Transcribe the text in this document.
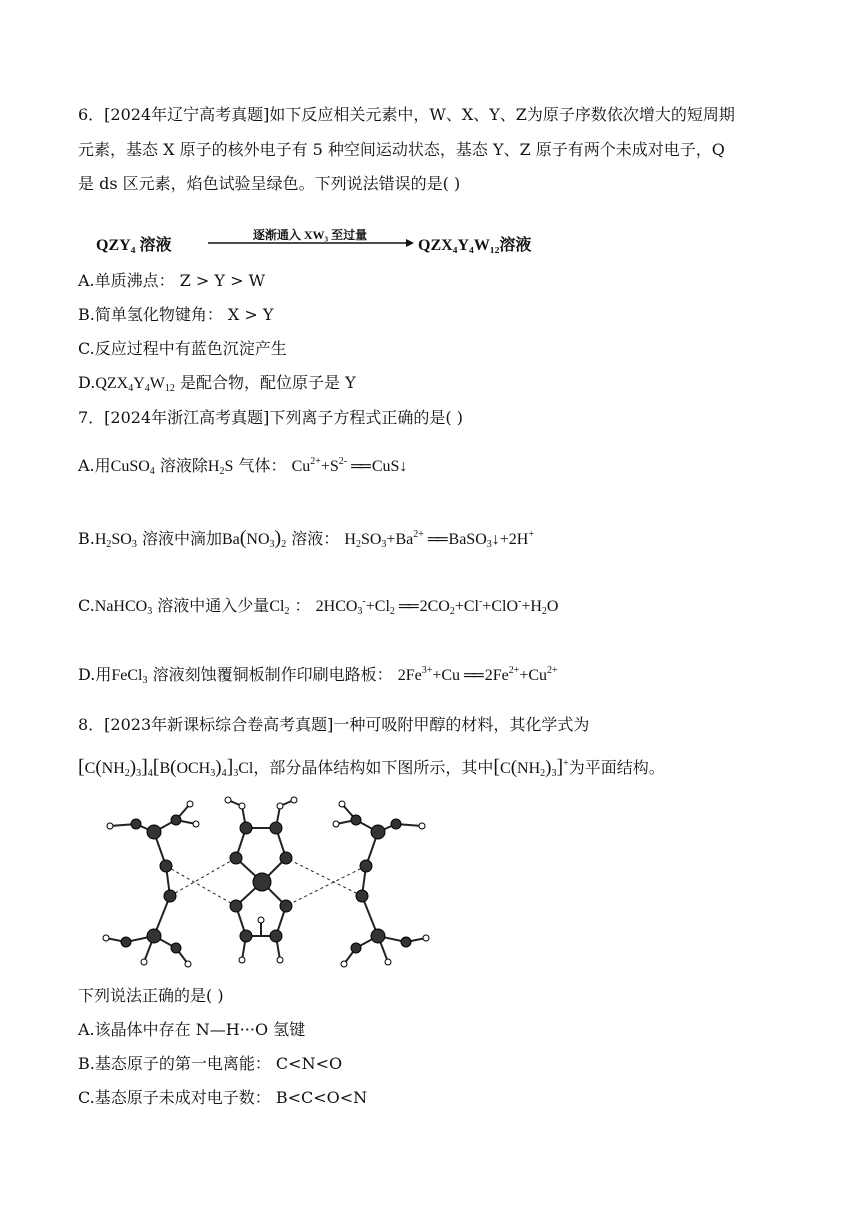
6．[2024年辽宁高考真题]如下反应相关元素中，W、X、Y、Z为原子序数依次增大的短周期
元素，基态 X 原子的核外电子有 5 种空间运动状态，基态 Y、Z 原子有两个未成对电子，Q
是 ds 区元素，焰色试验呈绿色。下列说法错误的是( )
QZY₄ 溶液
逐渐通入 XW₃ 至过量
QZX₄Y₄W₁₂溶液
A.单质沸点： Z > Y > W
B.简单氢化物键角： X > Y
C.反应过程中有蓝色沉淀产生
$D.QZX_4Y_4W_{12}$ 是配合物，配位原子是 Y
7．[2024年浙江高考真题]下列离子方程式正确的是( )
A.用CuSO$_4$ 溶液除$H_2S$ 气体： $Cu^{2+}+S^{2-}$ ══ CuS↓
$B.H_2SO_3$ 溶液中滴加$Ba(NO_3)_2$ 溶液： $H_2SO_3+Ba^{2+}$ ══ BaSO$_3$↓+2H+
C.NaHCO$_3$ 溶液中通入少量$Cl_2$ ： $2HCO_3^-+Cl_2$ ══ $2CO_2+Cl^-+ClO^-+H_2O$
D.用FeCl$_3$ 溶液刻蚀覆铜板制作印刷电路板： $2Fe^{3+}+Cu$ ══ $2Fe^{2+}+Cu^{2+}$
8．[2023年新课标综合卷高考真题]一种可吸附甲醇的材料，其化学式为
$[C(NH_2)_3]_4[B(OCH_3)_4]_3Cl$，部分晶体结构如下图所示，其中$[C(NH_2)_3]^+$为平面结构。
下列说法正确的是( )
A.该晶体中存在 N—H···O 氢键
B.基态原子的第一电离能： C<N<O
C.基态原子未成对电子数： B<C<O<N
